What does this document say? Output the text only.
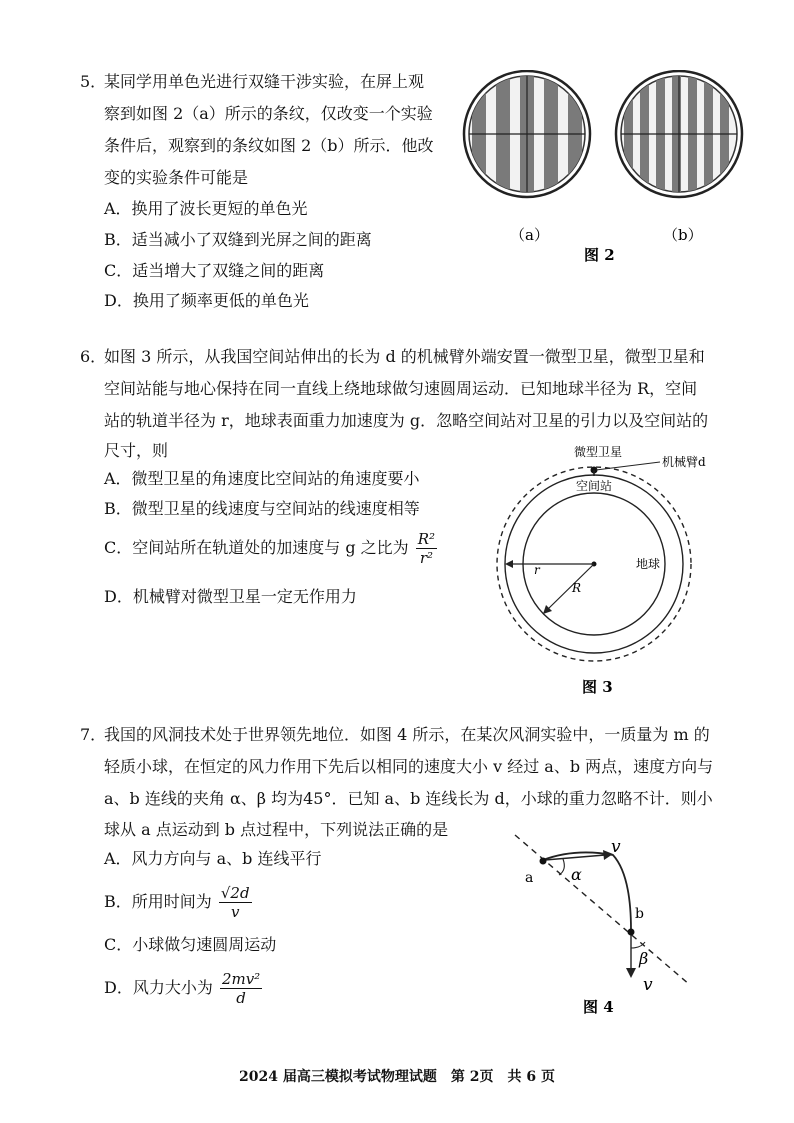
5．
某同学用单色光进行双缝干涉实验，在屏上观
察到如图 2（a）所示的条纹，仅改变一个实验
条件后，观察到的条纹如图 2（b）所示．他改
变的实验条件可能是
A．换用了波长更短的单色光
B．适当减小了双缝到光屏之间的距离
C．适当增大了双缝之间的距离
D．换用了频率更低的单色光
（a）	（b）
图 2
6．
如图 3 所示，从我国空间站伸出的长为 d 的机械臂外端安置一微型卫星，微型卫星和
空间站能与地心保持在同一直线上绕地球做匀速圆周运动．已知地球半径为 R，空间
站的轨道半径为 r，地球表面重力加速度为 g．忽略空间站对卫星的引力以及空间站的
尺寸，则
A．微型卫星的角速度比空间站的角速度要小
B．微型卫星的线速度与空间站的线速度相等
C．空间站所在轨道处的加速度与 g 之比为 $\frac{\text{R²}}{\text{r²}}$
D．机械臂对微型卫星一定无作用力
微型卫星
机械臂d
空间站
地球
r
R
图 3
7．
我国的风洞技术处于世界领先地位．如图 4 所示，在某次风洞实验中，一质量为 m 的
轻质小球，在恒定的风力作用下先后以相同的速度大小 v 经过 a、b 两点，速度方向与
a、b 连线的夹角 α、β 均为45°．已知 a、b 连线长为 d，小球的重力忽略不计．则小
球从 a 点运动到 b 点过程中，下列说法正确的是
A．风力方向与 a、b 连线平行
B．所用时间为 $\frac{√2d}{v}$
C．小球做匀速圆周运动
D．风力大小为 $\frac{\text{2mv²}}{d}$
a
b
α
β
v
v
图 4
2024 届高三模拟考试物理试题　第 2页　共 6 页
